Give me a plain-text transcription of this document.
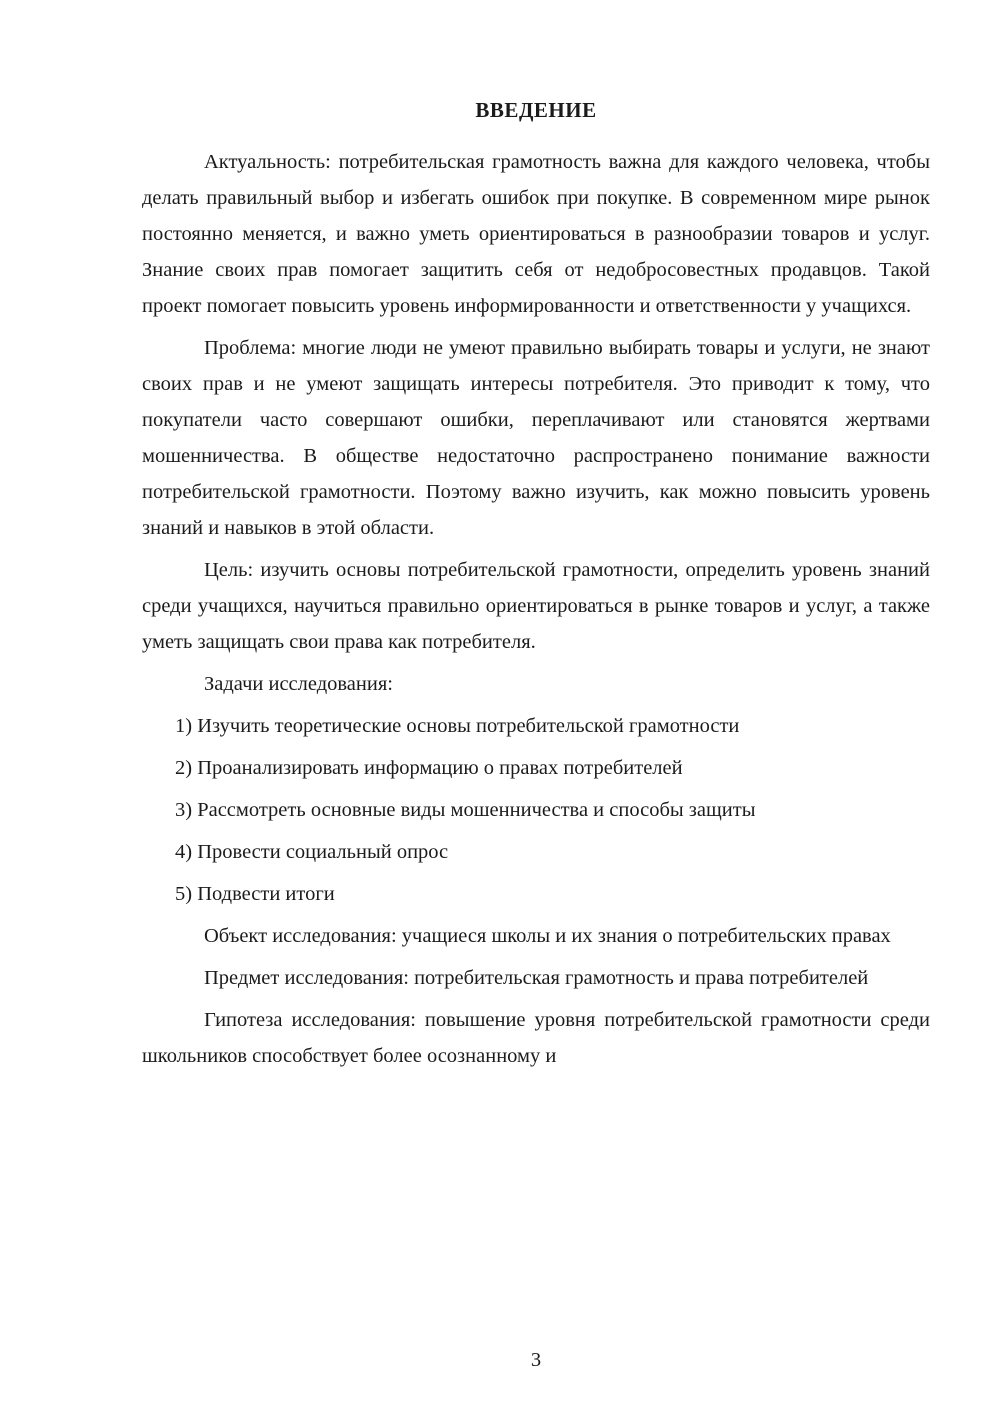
ВВЕДЕНИЕ

Актуальность: потребительская грамотность важна для каждого человека, чтобы делать правильный выбор и избегать ошибок при покупке. В современном мире рынок постоянно меняется, и важно уметь ориентироваться в разнообразии товаров и услуг. Знание своих прав помогает защитить себя от недобросовестных продавцов. Такой проект помогает повысить уровень информированности и ответственности у учащихся.

Проблема: многие люди не умеют правильно выбирать товары и услуги, не знают своих прав и не умеют защищать интересы потребителя. Это приводит к тому, что покупатели часто совершают ошибки, переплачивают или становятся жертвами мошенничества. В обществе недостаточно распространено понимание важности потребительской грамотности. Поэтому важно изучить, как можно повысить уровень знаний и навыков в этой области.

Цель: изучить основы потребительской грамотности, определить уровень знаний среди учащихся, научиться правильно ориентироваться в рынке товаров и услуг, а также уметь защищать свои права как потребителя.

Задачи исследования:

1) Изучить теоретические основы потребительской грамотности

2) Проанализировать информацию о правах потребителей

3) Рассмотреть основные виды мошенничества и способы защиты

4) Провести социальный опрос

5) Подвести итоги

Объект исследования: учащиеся школы и их знания о потребительских правах

Предмет исследования: потребительская грамотность и права потребителей

Гипотеза исследования: повышение уровня потребительской грамотности среди школьников способствует более осознанному и

3
